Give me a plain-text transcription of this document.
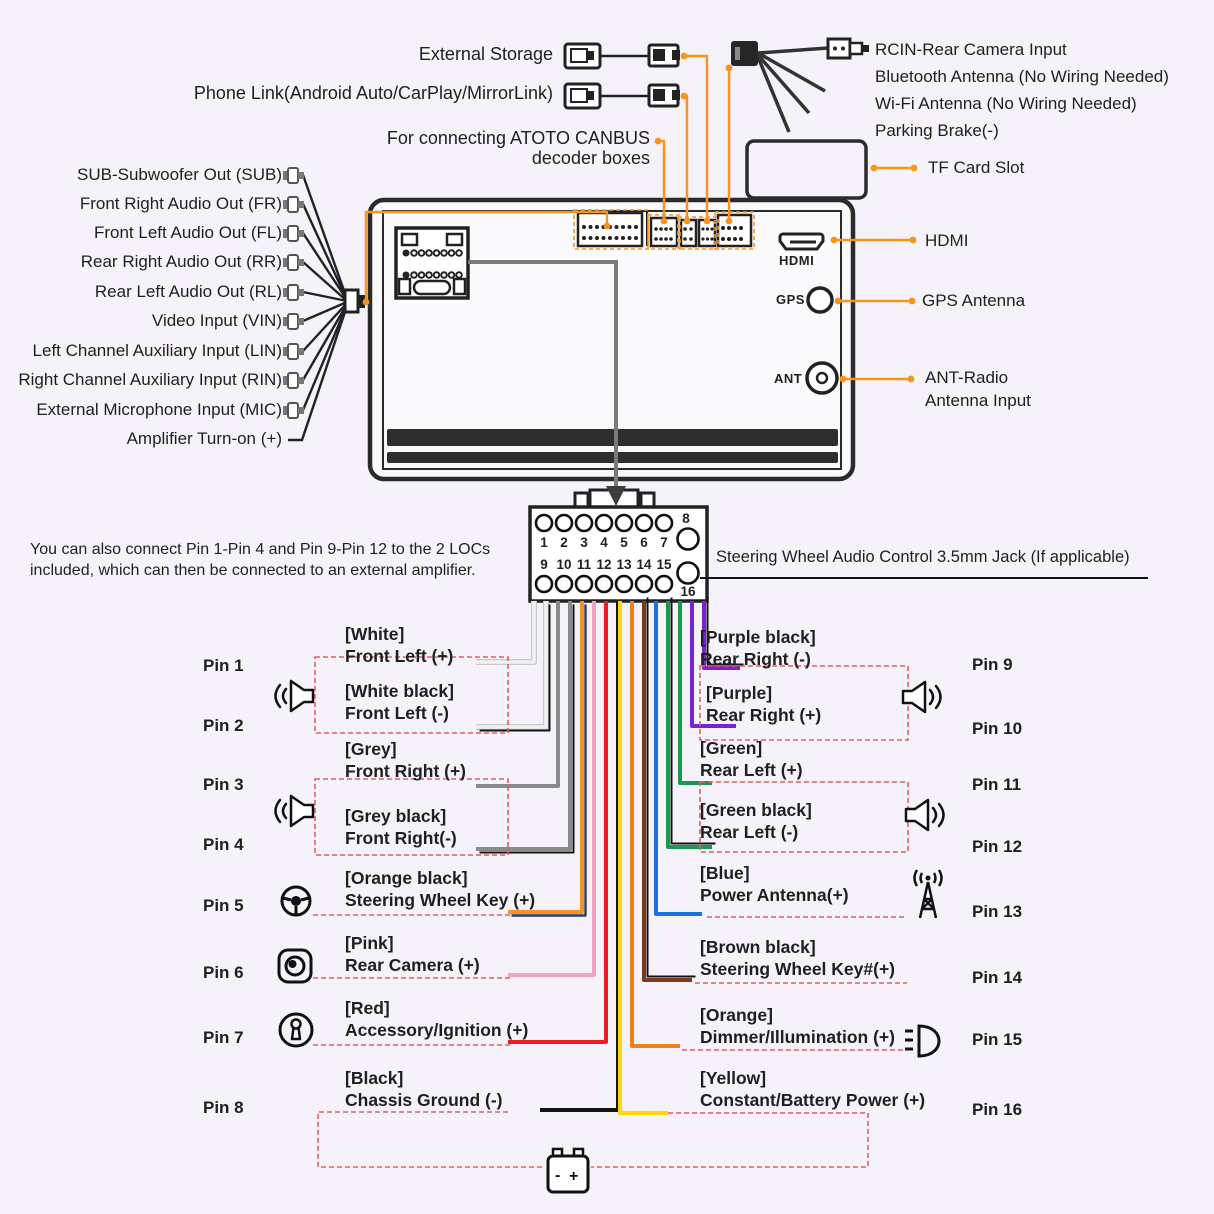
- +
External Storage
Phone Link(Android Auto/CarPlay/MirrorLink)
For connecting ATOTO CANBUS
decoder boxes	TF Card Slot
HDMI
GPS
ANT
HDMI
GPS Antenna
ANT-Radio
Antenna Input
You can also connect Pin 1-Pin 4 and Pin 9-Pin 12 to the 2 LOCs
included, which can then be connected to an external amplifier.
Steering Wheel Audio Control 3.5mm Jack (If applicable)
8
16
SUB-Subwoofer Out (SUB)
Front Right Audio Out (FR)
Front Left Audio Out (FL)
Rear Right Audio Out (RR)
Rear Left Audio Out (RL)
Video Input (VIN)
Left Channel Auxiliary Input (LIN)
Right Channel Auxiliary Input (RIN)
External Microphone Input (MIC)
Amplifier Turn-on (+)
RCIN-Rear Camera Input
Bluetooth Antenna (No Wiring Needed)
Wi-Fi Antenna (No Wiring Needed)
Parking Brake(-)
1
9
2
10
3
11
4
12
5
13
6
14
7
15
Pin 1
[White]
Front Left (+)
Pin 2
[White black]
Front Left (-)
Pin 3
[Grey]
Front Right (+)
Pin 4
[Grey black]
Front Right(-)
Pin 5
[Orange black]
Steering Wheel Key (+)
Pin 6
[Pink]
Rear Camera (+)
Pin 7
[Red]
Accessory/Ignition (+)
Pin 8
[Black]
Chassis Ground (-)
Pin 9
[Purple black]
Rear Right (-)
Pin 10
[Purple]
Rear Right (+)
Pin 11
[Green]
Rear Left (+)
Pin 12
[Green black]
Rear Left (-)
Pin 13
[Blue]
Power Antenna(+)
Pin 14
[Brown black]
Steering Wheel Key#(+)
Pin 15
[Orange]
Dimmer/Illumination (+)
Pin 16
[Yellow]
Constant/Battery Power (+)
